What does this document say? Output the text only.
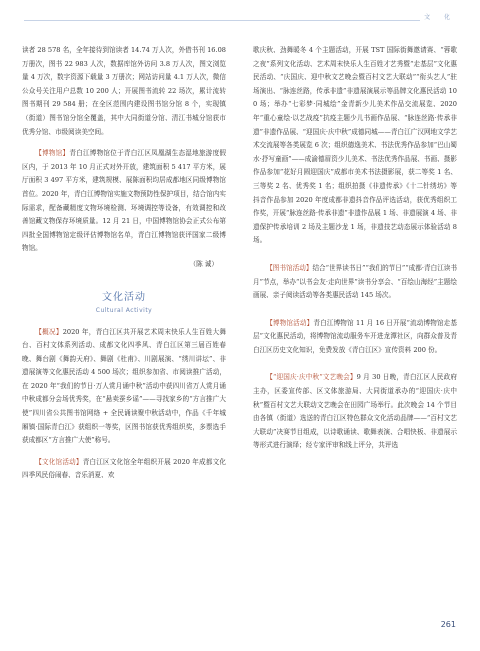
文 化

读者 28 578 名，全年接待到馆读者 14.74 万人次，外借书刊 16.08 万册次，图书 22 983 人次，数据库馆外访问 3.8 万人次，图文浏览量 4 万次，数字资源下载量 3 万册次；网站访问量 4.1 万人次，微信公众号关注用户总数 10 200 人；开展图书流转 22 场次，累计流转图书期刊 29 584 册；在全区范围内建设图书馆分馆 8 个，实现镇（街道）图书馆分馆全覆盖，其中大同街道分馆、清江书城分馆获市优秀分馆、市级阅读美空间。

【博物馆】青白江博物馆位于青白江区凤凰湖生态湿地旅游度假区内，于 2013 年 10 月正式对外开放，建筑面积 5 417 平方米，展厅面积 3 497 平方米，建筑规模、展陈面积均居成都地区同级博物馆首位。2020 年，青白江博物馆实施文物预防性保护项目，结合馆内实际需求，配备藏精度文物环境检测、环境调控等设备，有效调控和改善馆藏文物保存环境质量。12 月 21 日，中国博物馆协会正式公布第四批全国博物馆定级评估博物馆名单，青白江博物馆获评国家二级博物馆。

（陈 诚）
文化活动
Cultural Activity

【概况】2020 年，青白江区共开展艺术周末快乐人生百姓大舞台、百村文体系列活动、成都文化四季风、青白江区第三届百姓春晚、舞台剧《舞韵天府》、舞剧《杜甫》、川剧展演、“绣川讲坛”、非遗展演等文化惠民活动 4 500 场次；组织参加省、市阅读推广活动，在 2020 年“我们的节日·万人赏月诵中秋”活动中获四川省万人赏月诵中秋成都分会场优秀奖，在“悬卖蚕乡谣”——寻找家乡的“方言推广大使”四川省公共图书馆网络 + 全民诵读聚中秋活动中，作品《千年城厢镇·国际青白江》获组织一等奖，区图书馆获优秀组织奖，多票选手获成都区“方言推广大使”称号。

【文化馆活动】青白江区文化馆全年组织开展 2020 年成都文化四季风民俗闹春、音乐消夏、欢

歌庆秋、劲舞暖冬 4 个主题活动，开展 TST 国际街舞邀请赛、“蓉歌之夜”系列文化活动、艺术周末快乐人生百姓才艺秀暨“走基层”文化惠民活动、“庆国庆、迎中秋文艺晚会暨百村文艺大联动”“衔头艺人”驻场演出、“脉连丝路，传承非遗”非遗展演展示等品牌文化惠民活动 100 场；举办“七彩梦·同城绘”金青新少儿美术作品交流展览、2020 年“重心童绘·以艺战疫”抗疫主题少儿书画作品展、“脉连丝路·传承非遗”非遗作品展、“迎国庆·庆中秋”成德同城——青白江广汉网地文学艺术交流展等各类展览 6 次；组织德逸美术、书法优秀作品参加“巴山蜀水·抒写童画”——成渝德眉资少儿美术、书法优秀作品展、书画、摄影作品参加“花好月圆迎国庆”成都市美术书法摄影展，获二等奖 1 名、三等奖 2 名、优秀奖 1 名；组织拍摄《非遗传承》《十二针绣坊》等抖音作品参加 2020 年度成都非遗抖音作品评选活动，获优秀组织工作奖，开展“脉连丝路·传承非遗”非遗作品展 1 场、非遗展演 4 场、非遗保护传承培训 2 场及主题沙龙 1 场，非遗技艺动态展示体验活动 8 场。

【图书馆活动】结合“世界读书日”“我们的节日”“成都·青白江读书月”节点，举办“以书会友·走向世界”读书分享会、“百绘山海经”主题绘画展、亲子阅读活动等各类惠民活动 145 场次。

【博物馆活动】青白江博物馆 11 月 16 日开展“流动博物馆走基层”文化惠民活动，将博物馆流动服务车开进龙潭社区，向群众普及青白江区历史文化知识，免费发放《青白江区》宣传资料 200 份。

【“迎国庆·庆中秋”文艺晚会】9 月 30 日晚，青白江区人民政府主办，区委宣传部、区文体旅游局、大同街道承办的“迎国庆·庆中秋”暨百村文艺大联动文艺晚会在田园广场举行。此次晚会 14 个节目由各镇（街道）选送的青白江区特色群众文化活动品牌——“百村文艺大联动”决赛节目组成，以诗歌诵读、歌舞表演、合唱快板、非遗展示等形式进行演绎；经专家评审和线上评分，共评选

261
